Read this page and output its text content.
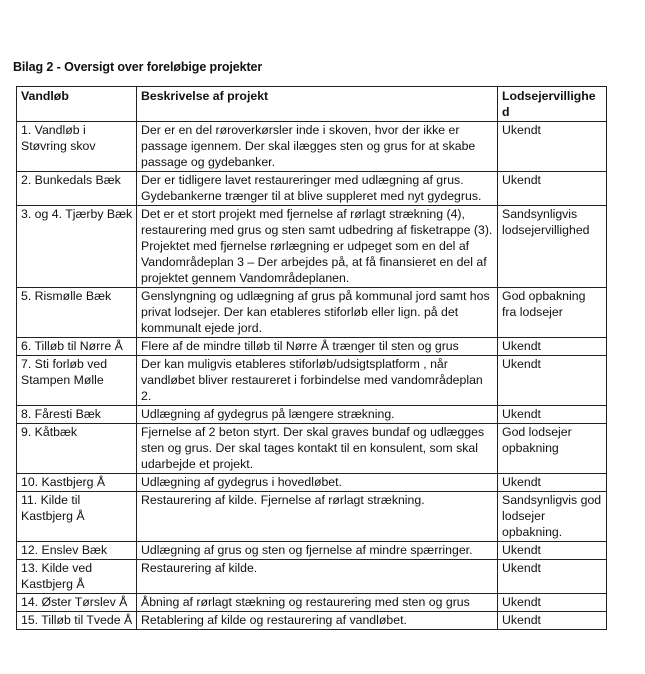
Bilag 2 - Oversigt over foreløbige projekter
Vandløb	Beskrivelse af projekt	Lodsejervillighed
1. Vandløb i Støvring skov	Der er en del røroverkørsler inde i skoven, hvor der ikke er passage igennem. Der skal ilægges sten og grus for at skabe passage og gydebanker.	Ukendt
2. Bunkedals Bæk	Der er tidligere lavet restaureringer med udlægning af grus. Gydebankerne trænger til at blive suppleret med nyt gydegrus.	Ukendt
3. og 4. Tjærby Bæk	Det er et stort projekt med fjernelse af rørlagt strækning (4), restaurering med grus og sten samt udbedring af fisketrappe (3). Projektet med fjernelse rørlægning er udpeget som en del af Vandområdeplan 3 – Der arbejdes på, at få finansieret en del af projektet gennem Vandområdeplanen.	Sandsynligvis lodsejervillighed
5. Rismølle Bæk	Genslyngning og udlægning af grus på kommunal jord samt hos privat lodsejer. Der kan etableres stiforløb eller lign. på det kommunalt ejede jord.	God opbakning fra lodsejer
6. Tilløb til Nørre Å	Flere af de mindre tilløb til Nørre Å trænger til sten og grus	Ukendt
7. Sti forløb ved Stampen Mølle	Der kan muligvis etableres stiforløb/udsigtsplatform , når vandløbet bliver restaureret i forbindelse med vandområdeplan 2.	Ukendt
8. Fåresti Bæk	Udlægning af gydegrus på længere strækning.	Ukendt
9. Kåtbæk	Fjernelse af 2 beton styrt. Der skal graves bundaf og udlægges sten og grus. Der skal tages kontakt til en konsulent, som skal udarbejde et projekt.	God lodsejer opbakning
10. Kastbjerg Å	Udlægning af gydegrus i hovedløbet.	Ukendt
11. Kilde til Kastbjerg Å	Restaurering af kilde. Fjernelse af rørlagt strækning.	Sandsynligvis god lodsejer opbakning.
12. Enslev Bæk	Udlægning af grus og sten og fjernelse af mindre spærringer.	Ukendt
13. Kilde ved Kastbjerg Å	Restaurering af kilde.	Ukendt
14. Øster Tørslev Å	Åbning af rørlagt stækning og restaurering med sten og grus	Ukendt
15. Tilløb til Tvede Å	Retablering af kilde og restaurering af vandløbet.	Ukendt
